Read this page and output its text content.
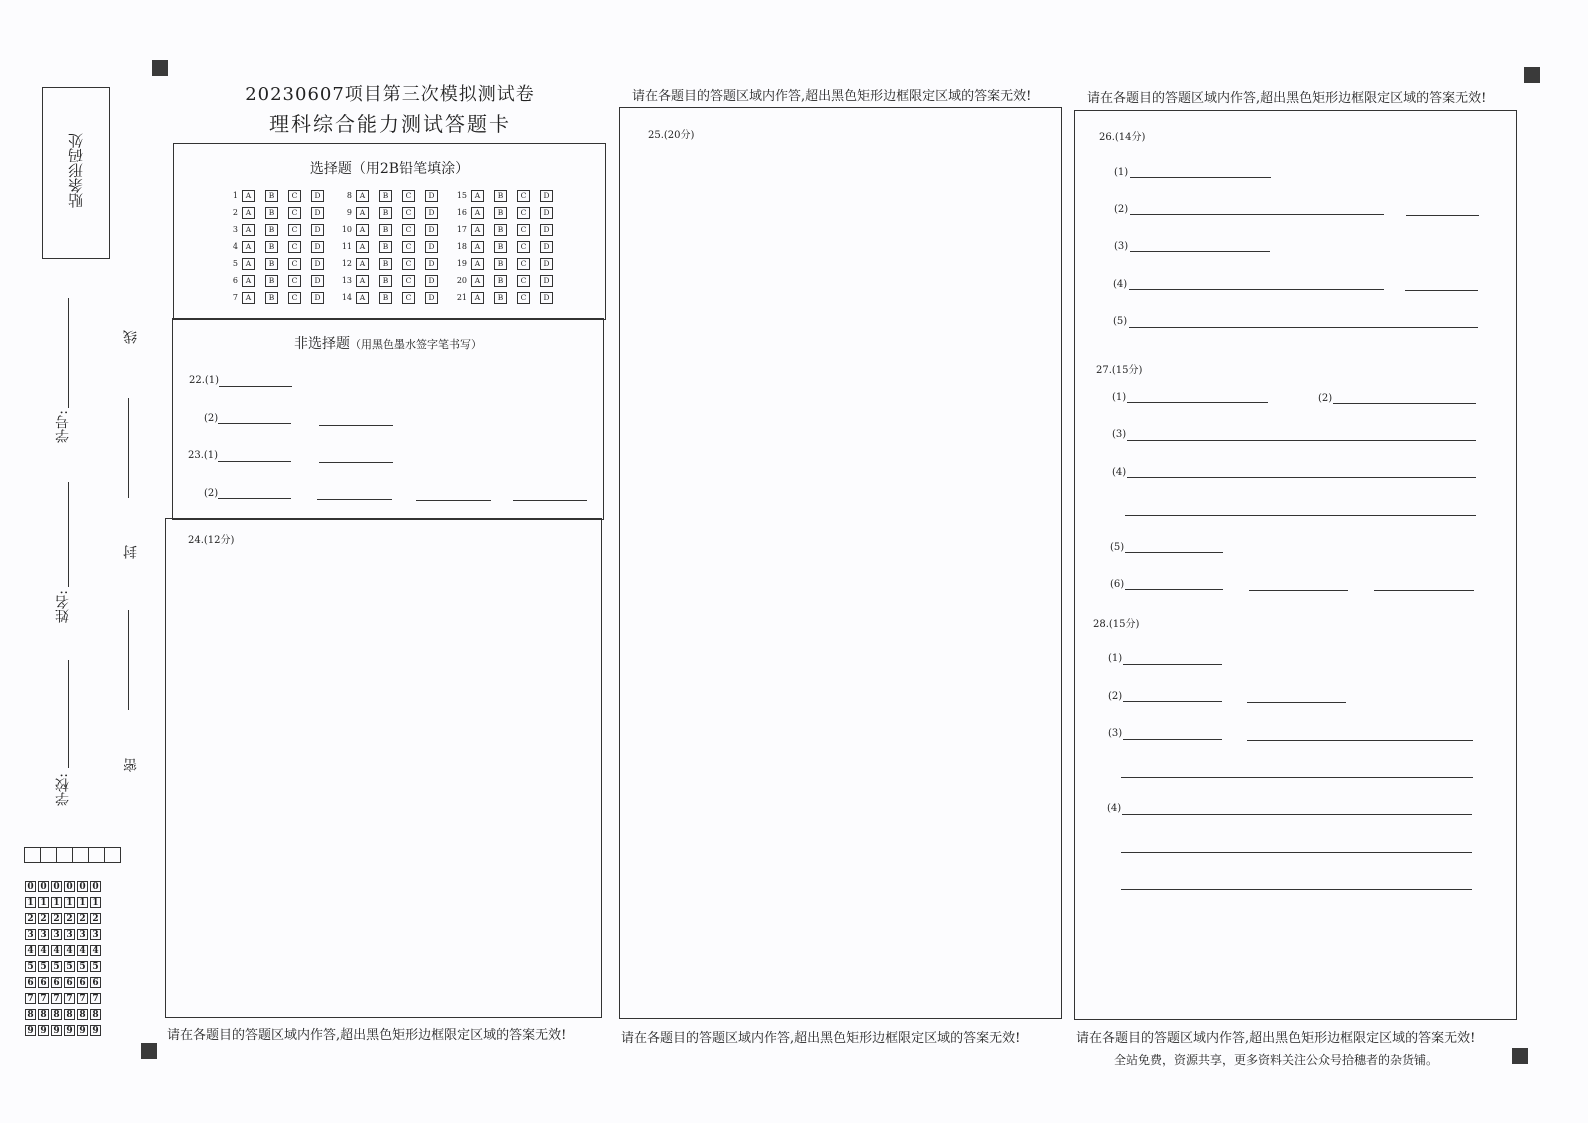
贴条形码处
线
封
密
学号:
姓名:
学校:
0 0 0 0 0 0
1 1 1 1 1 1
2 2 2 2 2 2
3 3 3 3 3 3
4 4 4 4 4 4
5 5 5 5 5 5
6 6 6 6 6 6
7 7 7 7 7 7
8 8 8 8 8 8
9 9 9 9 9 9
20230607项目第三次模拟测试卷
理科综合能力测试答题卡
选择题（用2B铅笔填涂）
1 A B C D
2 A B C D
3 A B C D
4 A B C D
5 A B C D
6 A B C D
7 A B C D
8 A B C D
9 A B C D
10 A B C D
11 A B C D
12 A B C D
13 A B C D
14 A B C D
15 A B C D
16 A B C D
17 A B C D
18 A B C D
19 A B C D
20 A B C D
21 A B C D
非选择题（用黑色墨水签字笔书写）
22.(1)
(2)
23.(1)
(2)
24.(12分)
请在各题目的答题区域内作答,超出黑色矩形边框限定区域的答案无效!
请在各题目的答题区域内作答,超出黑色矩形边框限定区域的答案无效!
25.(20分)
请在各题目的答题区域内作答,超出黑色矩形边框限定区域的答案无效!
请在各题目的答题区域内作答,超出黑色矩形边框限定区域的答案无效!
26.(14分)
(1)
(2)
(3)
(4)
(5)
27.(15分)
(1)	(2)
(3)
(4)
(5)
(6)
28.(15分)
(1)
(2)
(3)
(4)
请在各题目的答题区域内作答,超出黑色矩形边框限定区域的答案无效!
全站免费，资源共享，更多资料关注公众号拾穗者的杂货铺。
